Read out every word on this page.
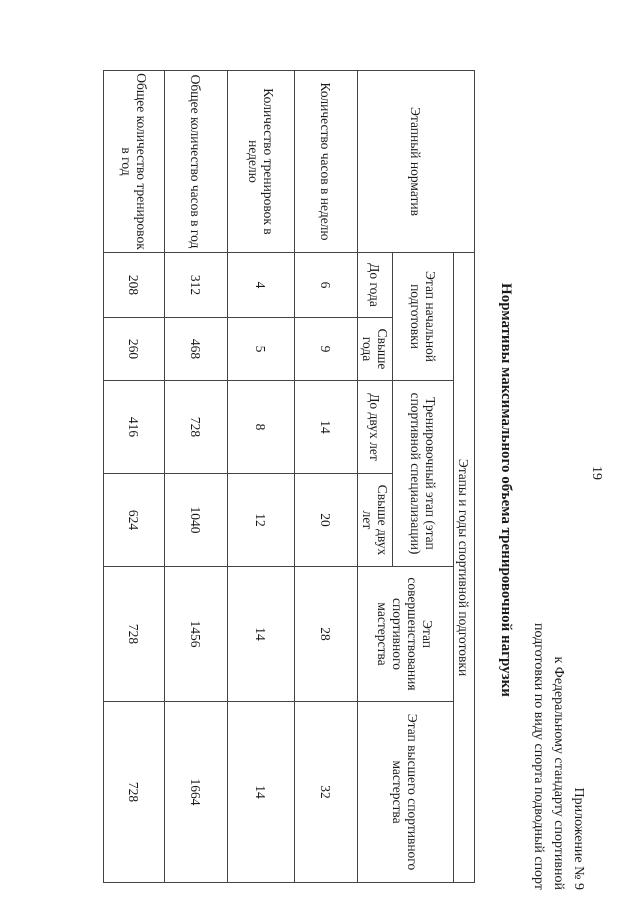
19
Приложение № 9
к Федеральному стандарту спортивной
подготовки по виду спорта подводный спорт
Нормативы максимального объема тренировочной нагрузки
Этапный норматив	Этапы и годы спортивной подготовки					
	Этап начальной подготовки		Тренировочный этап (этап спортивной специализации)		Этап совершенствования спортивного мастерства	Этап высшего спортивного мастерства
	До года	Свыше года	До двух лет	Свыше двух лет		
Количество часов в неделю	6	9	14	20	28	32
Количество тренировок в неделю	4	5	8	12	14	14
Общее количество часов в год	312	468	728	1040	1456	1664
Общее количество тренировок в год	208	260	416	624	728	728
